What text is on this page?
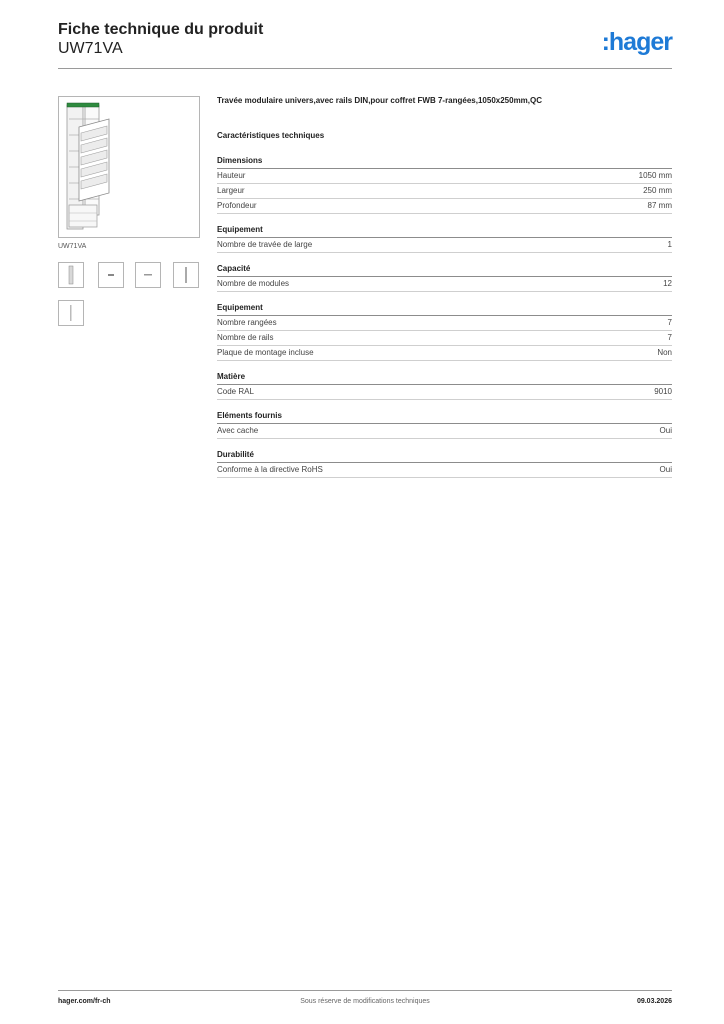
Fiche technique du produit

UW71VA	:hager
UW71VA
Travée modulaire univers,avec rails DIN,pour coffret FWB 7-rangées,1050x250mm,QC
Caractéristiques techniques
Dimensions
Hauteur	1050 mm
Largeur	250 mm
Profondeur	87 mm
Equipement
Nombre de travée de large	1
Capacité
Nombre de modules	12
Equipement
Nombre rangées	7
Nombre de rails	7
Plaque de montage incluse	Non
Matière
Code RAL	9010
Eléments fournis
Avec cache	Oui
Durabilité
Conforme à la directive RoHS	Oui
hager.com/fr-ch	Sous réserve de modifications techniques	09.03.2026
